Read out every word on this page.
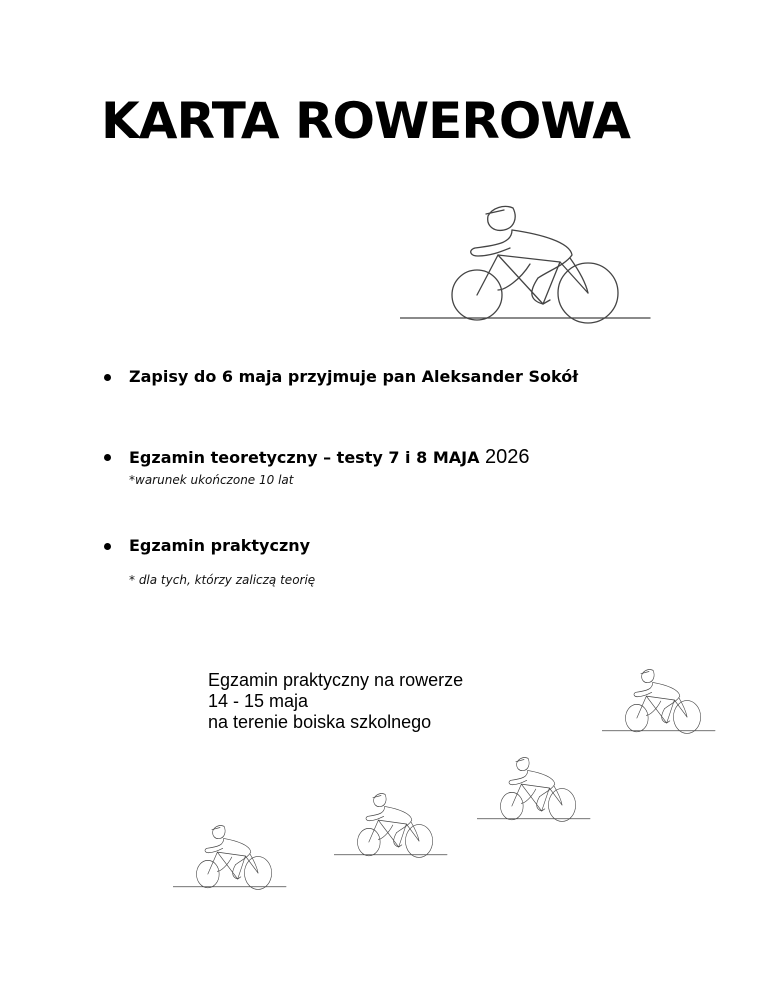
KARTA ROWEROWA
Zapisy do 6 maja przyjmuje pan Aleksander Sokół
Egzamin teoretyczny – testy 7 i 8 MAJA 2026
*warunek ukończone 10 lat
Egzamin praktyczny
* dla tych, którzy zaliczą teorię
Egzamin praktyczny na rowerze
14 - 15 maja
na terenie boiska szkolnego
